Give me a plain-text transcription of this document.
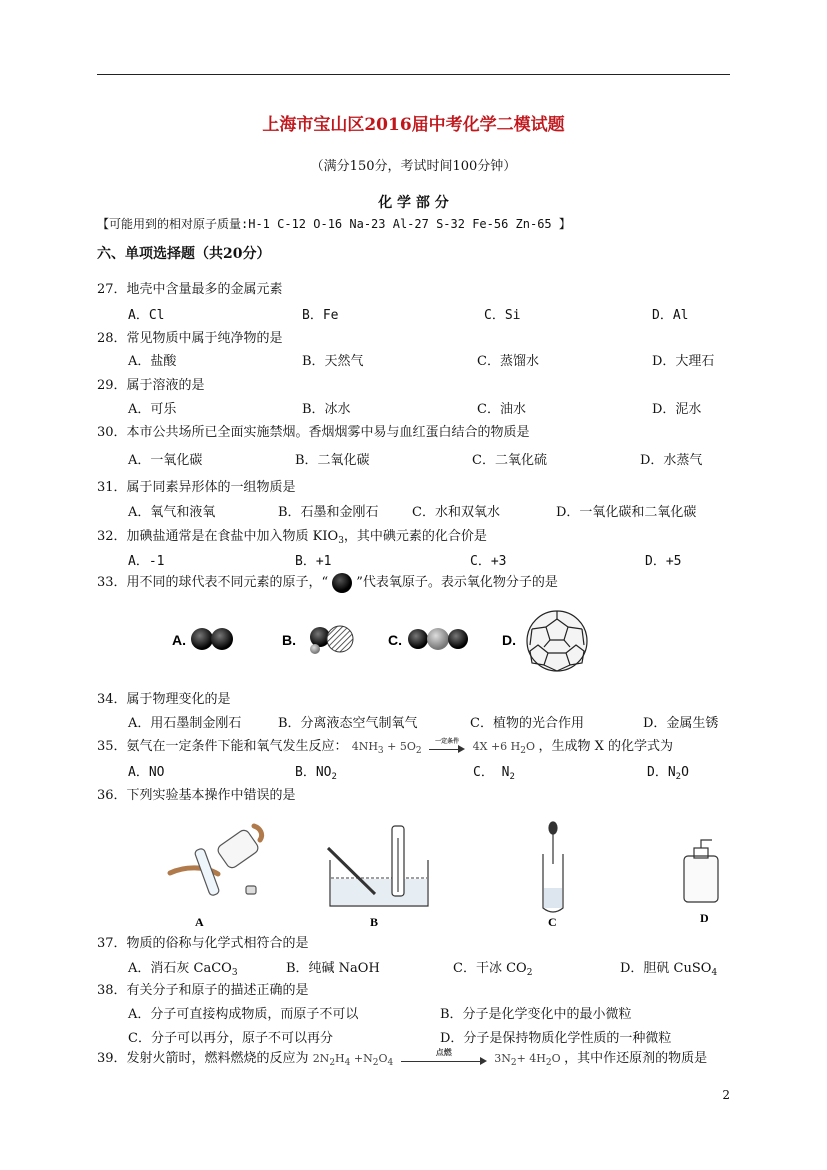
上海市宝山区2016届中考化学二模试题
（满分150分，考试时间100分钟）
化 学 部 分
【可能用到的相对原子质量:H-1 C-12 O-16 Na-23 Al-27 S-32 Fe-56 Zn-65 】
六、单项选择题（共20分）
27．地壳中含量最多的金属元素
A．Cl	B．Fe	C．Si	D．Al
28．常见物质中属于纯净物的是
A．盐酸	B．天然气	C．蒸馏水	D．大理石
29．属于溶液的是
A．可乐	B．冰水	C．油水	D．泥水
30．本市公共场所已全面实施禁烟。香烟烟雾中易与血红蛋白结合的物质是
A．一氧化碳	B．二氧化碳	C．二氧化硫	D．水蒸气
31．属于同素异形体的一组物质是
A．氧气和液氧	B．石墨和金刚石	C．水和双氧水	D．一氧化碳和二氧化碳
32．加碘盐通常是在食盐中加入物质 $KIO_3$，其中碘元素的化合价是
A．-1	B．+1	C．+3	D．+5
33．用不同的球代表不同元素的原子，“ ”代表氧原子。表示氧化物分子的是
A.	B.	C.	D.
34．属于物理变化的是
A．用石墨制金刚石	B．分离液态空气制氧气	C．植物的光合作用	D．金属生锈
35．氨气在一定条件下能和氧气发生反应： $4NH_3 + 5O_2$
一定条件	4X +6 $H_2O$ ，生成物 X 的化学式为
A．NO	B．$NO_2$	C． $N_2$	D．$N_2O$
36．下列实验基本操作中错误的是
A	B	C	D
37．物质的俗称与化学式相符合的是
A．消石灰 CaCO$_3$	B．纯碱 NaOH	C．干冰 $CO_2$	D．胆矾 CuSO$_4$
38．有关分子和原子的描述正确的是
A．分子可直接构成物质，而原子不可以	B．分子是化学变化中的最小微粒
C．分子可以再分，原子不可以再分	D．分子是保持物质化学性质的一种微粒
39．发射火箭时，燃料燃烧的反应为 $2N_2H_4 +N_2O_4$
点燃	$3N_2+ 4H_2O$ ，其中作还原剂的物质是
2
